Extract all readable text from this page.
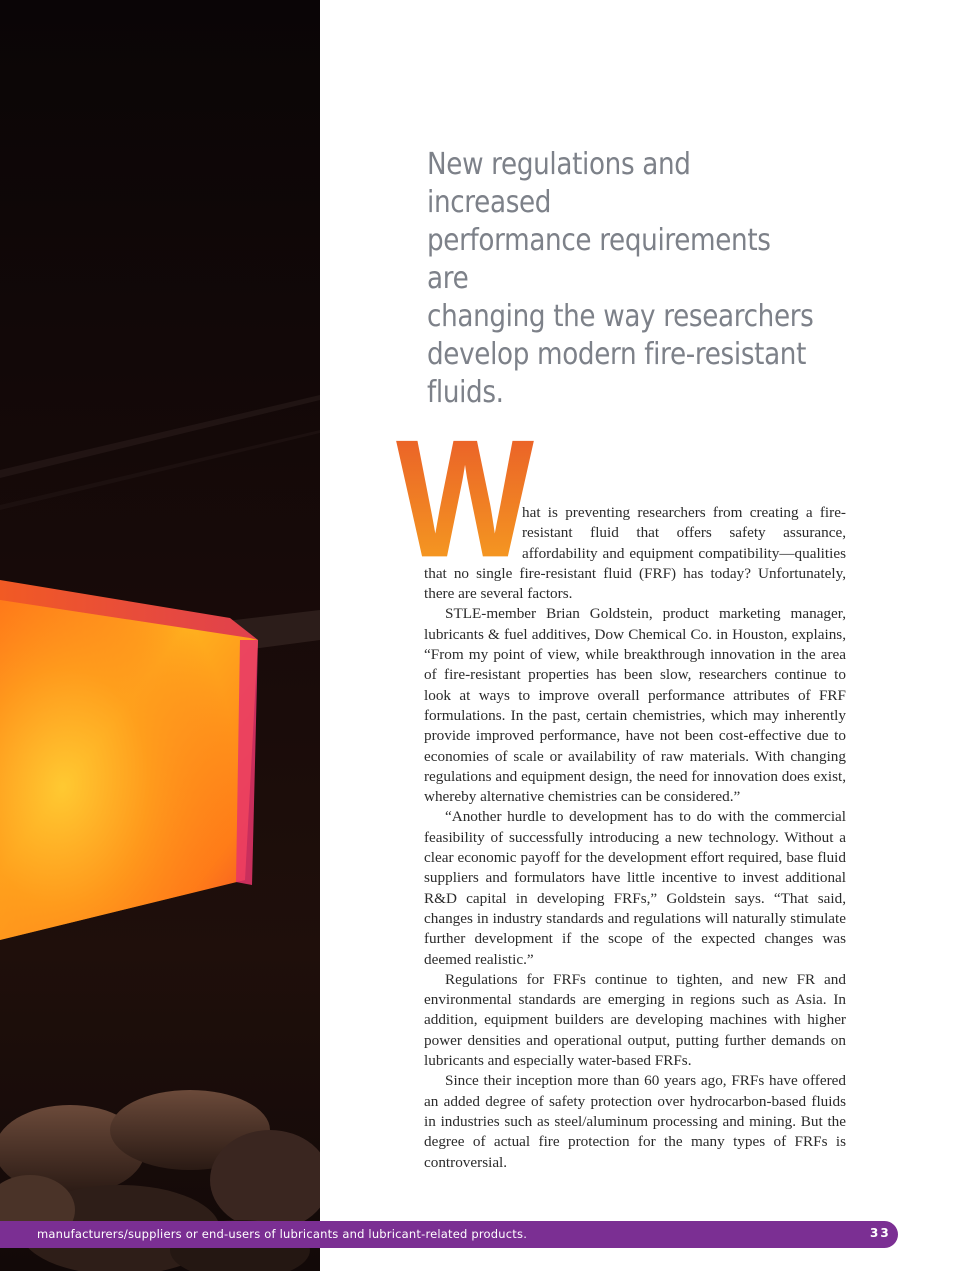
New regulations and increased
performance requirements are
changing the way researchers
develop modern fire-resistant fluids.
W

hat is preventing researchers from creating a fire-resistant fluid that offers safety assurance, affordability and equipment compatibility—qualities that no single fire-resistant fluid (FRF) has today? Unfortunately, there are several factors.

STLE-member Brian Goldstein, product marketing manager, lubricants & fuel additives, Dow Chemical Co. in Houston, explains, “From my point of view, while breakthrough innovation in the area of fire-resistant properties has been slow, researchers continue to look at ways to improve overall performance attributes of FRF formulations. In the past, certain chemistries, which may inherently provide improved performance, have not been cost-effective due to economies of scale or availability of raw materials. With changing regulations and equipment design, the need for innovation does exist, whereby alternative chemistries can be considered.”

“Another hurdle to development has to do with the commercial feasibility of successfully introducing a new technology. Without a clear economic payoff for the development effort required, base fluid suppliers and formulators have little incentive to invest additional R&D capital in developing FRFs,” Goldstein says. “That said, changes in industry standards and regulations will naturally stimulate further development if the scope of the expected changes was deemed realistic.”

Regulations for FRFs continue to tighten, and new FR and environmental standards are emerging in regions such as Asia. In addition, equipment builders are developing machines with higher power densities and operational output, putting further demands on lubricants and especially water-based FRFs.

Since their inception more than 60 years ago, FRFs have offered an added degree of safety protection over hydrocarbon-based fluids in industries such as steel/aluminum processing and mining. But the degree of actual fire protection for the many types of FRFs is controversial.

manufacturers/suppliers or end-users of lubricants and lubricant-related products.	33
